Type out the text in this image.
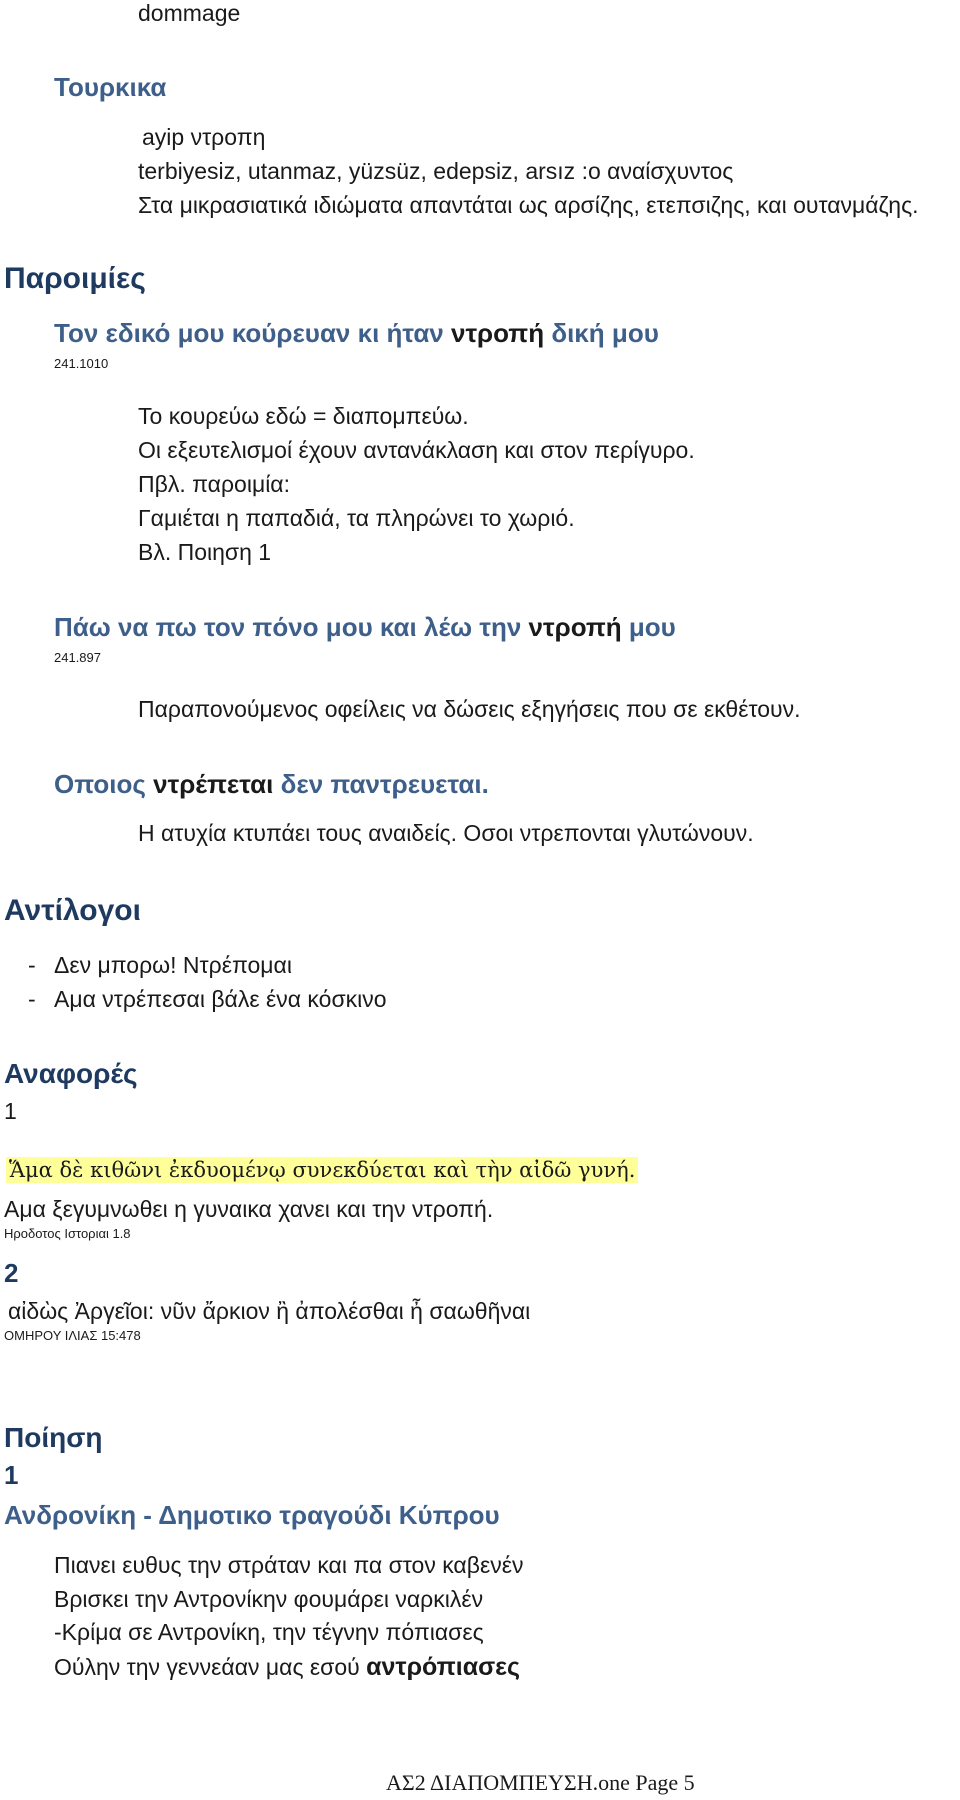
dommage
Τουρκικα
ayip ντροπη
terbiyesiz, utanmaz, yüzsüz, edepsiz, arsız :ο αναίσχυντος
Στα μικρασιατικά ιδιώματα απαντάται ως αρσίζης, ετεπσιζης, και ουτανμάζης.
Παροιμίες
Τον εδικό μου κούρευαν κι ήταν ντροπή δική μου
241.1010
Το κουρεύω εδώ = διαπομπεύω.
Οι εξευτελισμοί έχουν αντανάκλαση και στον περίγυρο.
Πβλ. παροιμία:
Γαμιέται η παπαδιά, τα πληρώνει το χωριό.
Βλ. Ποιηση 1
Πάω να πω τον πόνο μου και λέω την ντροπή μου
241.897
Παραπονούμενος οφείλεις να δώσεις εξηγήσεις που σε εκθέτουν.
Οποιος ντρέπεται δεν παντρευεται.
Η ατυχία κτυπάει τους αναιδείς. Οσοι ντρεπονται γλυτώνουν.
Αντίλογοι
- Δεν μπορω! Ντρέπομαι
- Αμα ντρέπεσαι βάλε ένα κόσκινο
Αναφορές
1
Ἅμα δὲ κιθῶνι ἐκδυομένῳ συνεκδύεται καὶ τὴν αἰδῶ γυνή.
Αμα ξεγυμνωθει η γυναικα χανει και την ντροπή.
Ηροδοτος Ιστοριαι 1.8
2
αἰδὼς Ἀργεῖοι: νῦν ἄρκιον ἢ ἀπολέσθαι ἦ σαωθῆναι
ΟΜΗΡΟΥ ΙΛΙΑΣ 15:478
Ποίηση
1
Ανδρονίκη - Δημοτικο τραγούδι Κύπρου
Πιανει ευθυς την στράταν και πα στον καβενέν
Βρισκει την Αντρονίκην φουμάρει ναρκιλέν
-Κρίμα σε Αντρονίκη, την τέγνην πόπιασες
Ούλην την γεννεάαν μας εσού αντρόπιασες
ΑΣ2 ΔΙΑΠΟΜΠΕΥΣΗ.one Page 5
